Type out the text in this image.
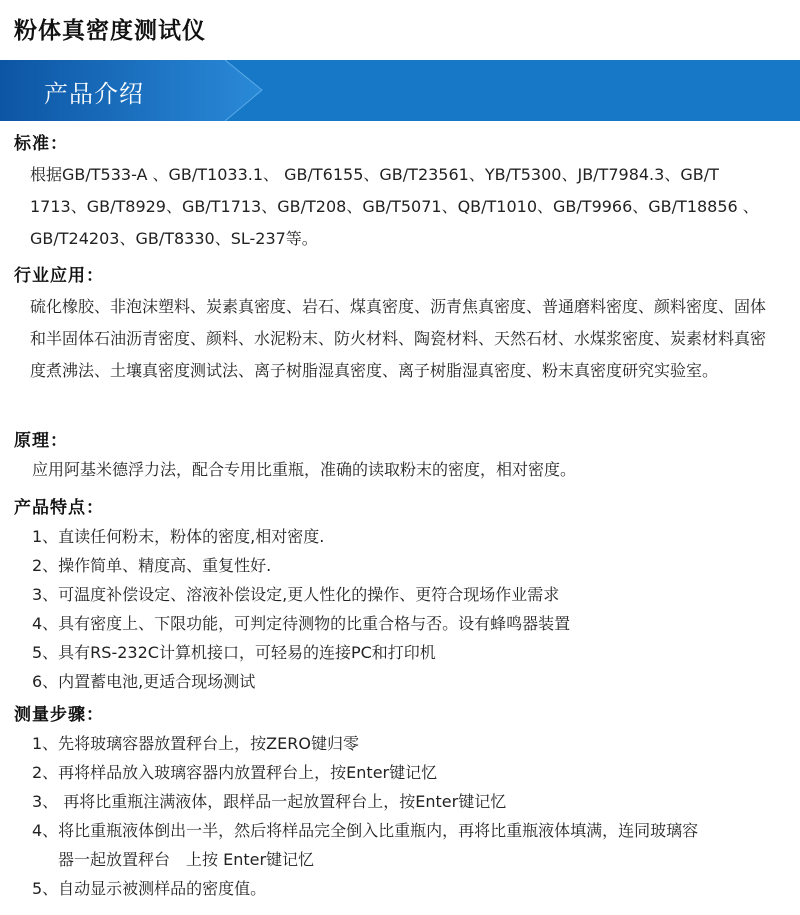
粉体真密度测试仪
产品介绍
标准：
根据GB/T533-A 、GB/T1033.1、 GB/T6155、GB/T23561、YB/T5300、JB/T7984.3、GB/T 1713、GB/T8929、GB/T1713、GB/T208、GB/T5071、QB/T1010、GB/T9966、GB/T18856 、GB/T24203、GB/T8330、SL-237等。
行业应用：
硫化橡胶、非泡沫塑料、炭素真密度、岩石、煤真密度、沥青焦真密度、普通磨料密度、颜料密度、固体和半固体石油沥青密度、颜料、水泥粉末、防火材料、陶瓷材料、天然石材、水煤浆密度、炭素材料真密度煮沸法、土壤真密度测试法、离子树脂湿真密度、离子树脂湿真密度、粉末真密度研究实验室。
原理：
应用阿基米德浮力法，配合专用比重瓶，准确的读取粉末的密度，相对密度。
产品特点：
1、直读任何粉末，粉体的密度,相对密度.
2、操作简单、精度高、重复性好.
3、可温度补偿设定、溶液补偿设定,更人性化的操作、更符合现场作业需求
4、具有密度上、下限功能，可判定待测物的比重合格与否。设有蜂鸣器装置
5、具有RS-232C计算机接口，可轻易的连接PC和打印机
6、内置蓄电池,更适合现场测试
测量步骤：
1、先将玻璃容器放置秤台上，按ZERO键归零
2、再将样品放入玻璃容器内放置秤台上，按Enter键记忆
3、 再将比重瓶注满液体，跟样品一起放置秤台上，按Enter键记忆
4、将比重瓶液体倒出一半，然后将样品完全倒入比重瓶内，再将比重瓶液体填满，连同玻璃容
器一起放置秤台　上按 Enter键记忆
5、自动显示被测样品的密度值。
